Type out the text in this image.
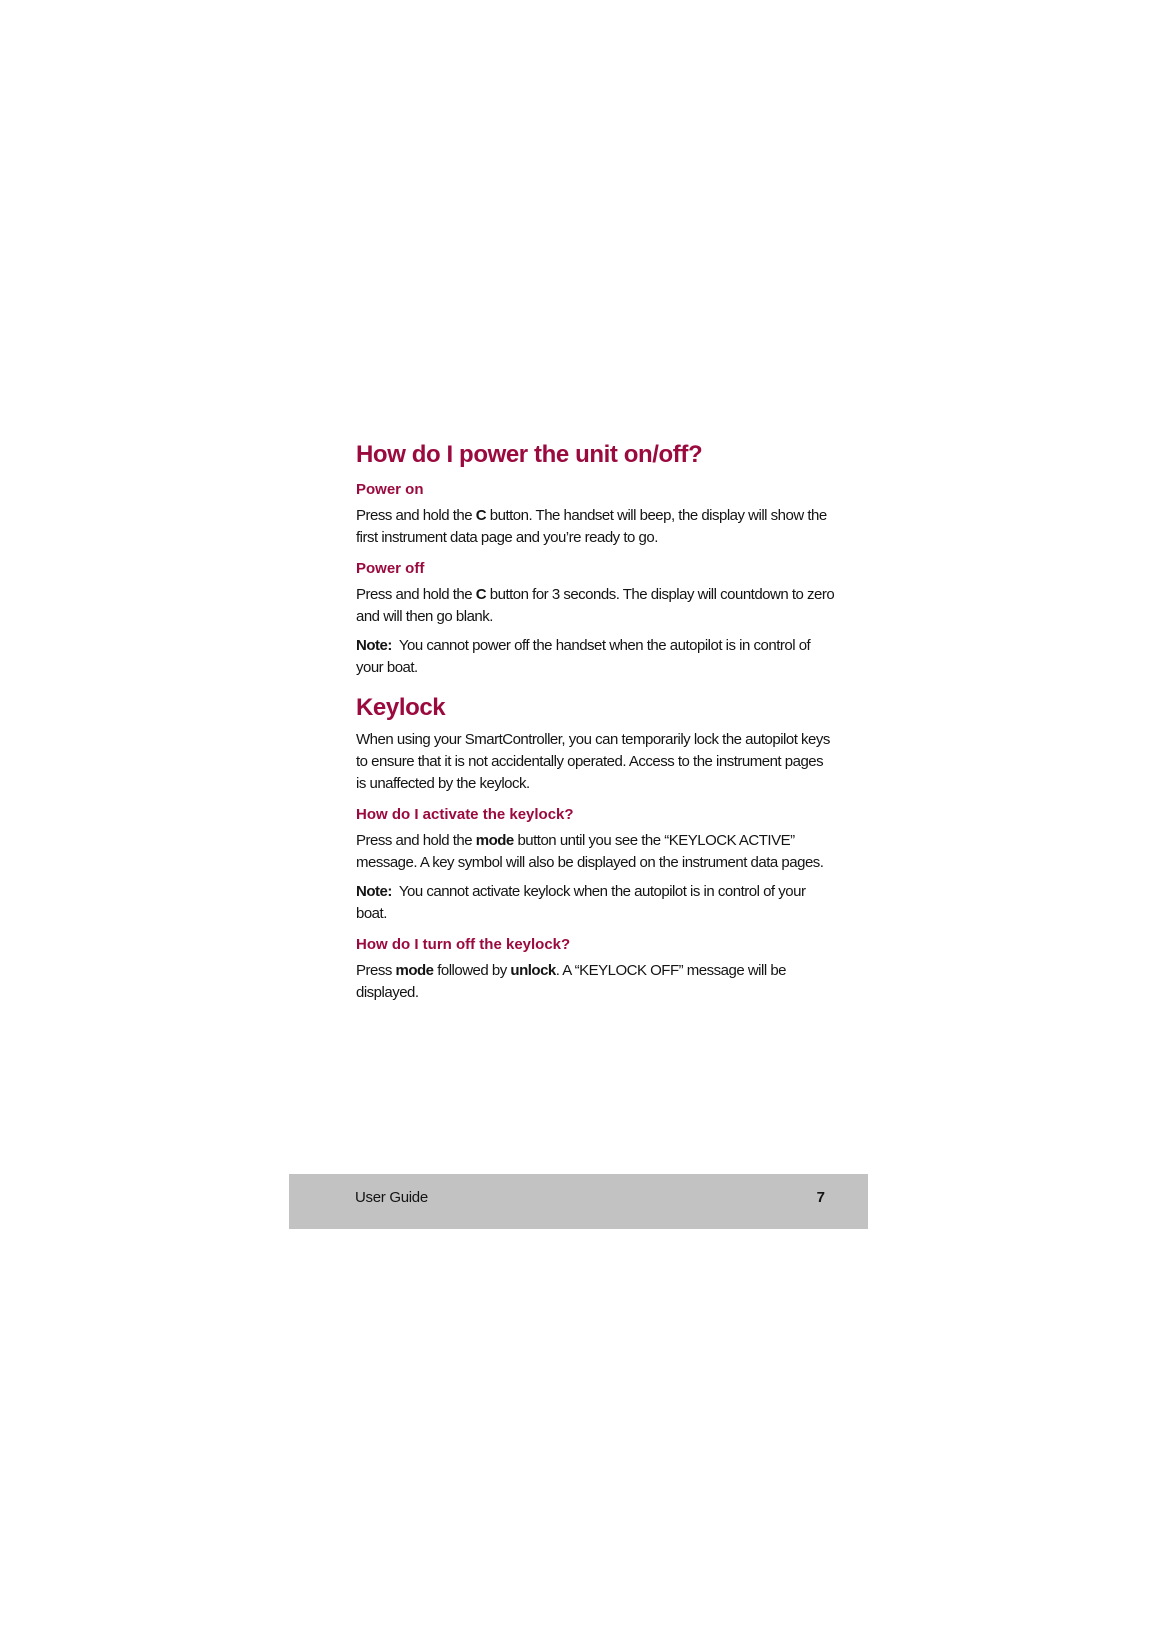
How do I power the unit on/off?
Power on

Press and hold the C button. The handset will beep, the display will show the first instrument data page and you’re ready to go.

Power off

Press and hold the C button for 3 seconds. The display will countdown to zero and will then go blank.

Note:  You cannot power off the handset when the autopilot is in control of your boat.

Keylock

When using your SmartController, you can temporarily lock the autopilot keys to ensure that it is not accidentally operated. Access to the instrument pages is unaffected by the keylock.

How do I activate the keylock?

Press and hold the mode button until you see the “KEYLOCK ACTIVE” message. A key symbol will also be displayed on the instrument data pages.

Note:  You cannot activate keylock when the autopilot is in control of your boat.

How do I turn off the keylock?

Press mode followed by unlock. A “KEYLOCK OFF” message will be displayed.

User Guide	7
